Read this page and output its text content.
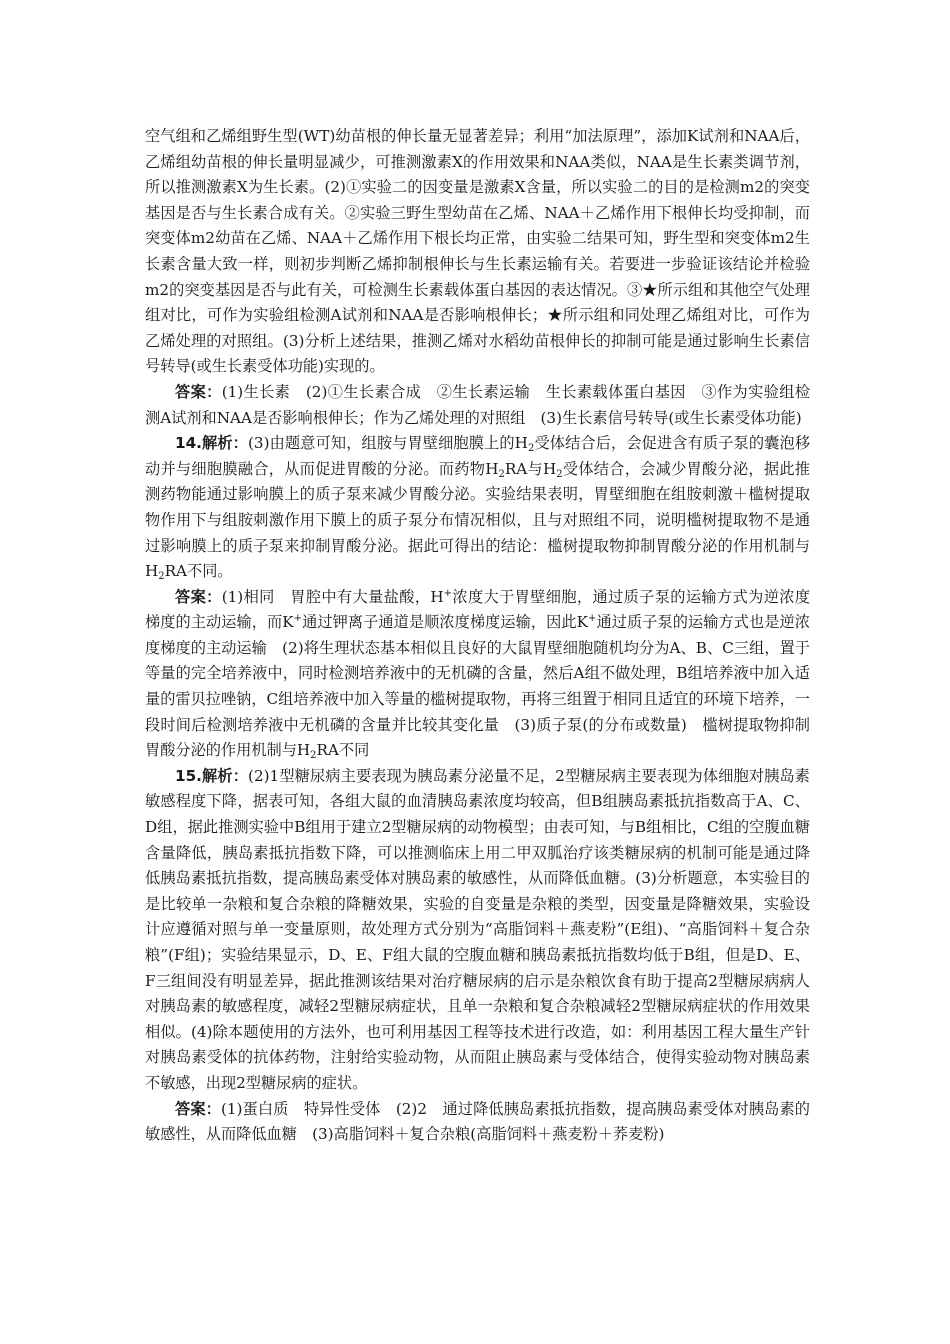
空气组和乙烯组野生型(WT)幼苗根的伸长量无显著差异；利用“加法原理”，添加K试剂和NAA后，乙烯组幼苗根的伸长量明显减少，可推测激素X的作用效果和NAA类似，NAA是生长素类调节剂，所以推测激素X为生长素。(2)①实验二的因变量是激素X含量，所以实验二的目的是检测m2的突变基因是否与生长素合成有关。②实验三野生型幼苗在乙烯、NAA＋乙烯作用下根伸长均受抑制，而突变体m2幼苗在乙烯、NAA＋乙烯作用下根长均正常，由实验二结果可知，野生型和突变体m2生长素含量大致一样，则初步判断乙烯抑制根伸长与生长素运输有关。若要进一步验证该结论并检验m2的突变基因是否与此有关，可检测生长素载体蛋白基因的表达情况。③★所示组和其他空气处理组对比，可作为实验组检测A试剂和NAA是否影响根伸长；★所示组和同处理乙烯组对比，可作为乙烯处理的对照组。(3)分析上述结果，推测乙烯对水稻幼苗根伸长的抑制可能是通过影响生长素信号转导(或生长素受体功能)实现的。

答案：(1)生长素　(2)①生长素合成　②生长素运输　生长素载体蛋白基因　③作为实验组检测A试剂和NAA是否影响根伸长；作为乙烯处理的对照组　(3)生长素信号转导(或生长素受体功能)

14.解析：(3)由题意可知，组胺与胃壁细胞膜上的$H_2$受体结合后，会促进含有质子泵的囊泡移动并与细胞膜融合，从而促进胃酸的分泌。而药物$H_2RA$与$H_2$受体结合，会减少胃酸分泌，据此推测药物能通过影响膜上的质子泵来减少胃酸分泌。实验结果表明，胃壁细胞在组胺刺激＋槛树提取物作用下与组胺刺激作用下膜上的质子泵分布情况相似，且与对照组不同，说明槛树提取物不是通过影响膜上的质子泵来抑制胃酸分泌。据此可得出的结论：槛树提取物抑制胃酸分泌的作用机制与$H_2RA$不同。

答案：(1)相同　胃腔中有大量盐酸，H+浓度大于胃壁细胞，通过质子泵的运输方式为逆浓度梯度的主动运输，而K+通过钾离子通道是顺浓度梯度运输，因此K+通过质子泵的运输方式也是逆浓度梯度的主动运输　(2)将生理状态基本相似且良好的大鼠胃壁细胞随机均分为A、B、C三组，置于等量的完全培养液中，同时检测培养液中的无机磷的含量，然后A组不做处理，B组培养液中加入适量的雷贝拉唑钠，C组培养液中加入等量的槛树提取物，再将三组置于相同且适宜的环境下培养，一段时间后检测培养液中无机磷的含量并比较其变化量　(3)质子泵(的分布或数量)　槛树提取物抑制胃酸分泌的作用机制与$H_2RA$不同

15.解析：(2)1型糖尿病主要表现为胰岛素分泌量不足，2型糖尿病主要表现为体细胞对胰岛素敏感程度下降，据表可知，各组大鼠的血清胰岛素浓度均较高，但B组胰岛素抵抗指数高于A、C、D组，据此推测实验中B组用于建立2型糖尿病的动物模型；由表可知，与B组相比，C组的空腹血糖含量降低，胰岛素抵抗指数下降，可以推测临床上用二甲双胍治疗该类糖尿病的机制可能是通过降低胰岛素抵抗指数，提高胰岛素受体对胰岛素的敏感性，从而降低血糖。(3)分析题意，本实验目的是比较单一杂粮和复合杂粮的降糖效果，实验的自变量是杂粮的类型，因变量是降糖效果，实验设计应遵循对照与单一变量原则，故处理方式分别为“高脂饲料＋燕麦粉”(E组)、“高脂饲料＋复合杂粮”(F组)；实验结果显示，D、E、F组大鼠的空腹血糖和胰岛素抵抗指数均低于B组，但是D、E、F三组间没有明显差异，据此推测该结果对治疗糖尿病的启示是杂粮饮食有助于提高2型糖尿病病人对胰岛素的敏感程度，减轻2型糖尿病症状，且单一杂粮和复合杂粮减轻2型糖尿病症状的作用效果相似。(4)除本题使用的方法外，也可利用基因工程等技术进行改造，如：利用基因工程大量生产针对胰岛素受体的抗体药物，注射给实验动物，从而阻止胰岛素与受体结合，使得实验动物对胰岛素不敏感，出现2型糖尿病的症状。

答案：(1)蛋白质　特异性受体　(2)2　通过降低胰岛素抵抗指数，提高胰岛素受体对胰岛素的敏感性，从而降低血糖　(3)高脂饲料＋复合杂粮(高脂饲料＋燕麦粉＋荞麦粉)
